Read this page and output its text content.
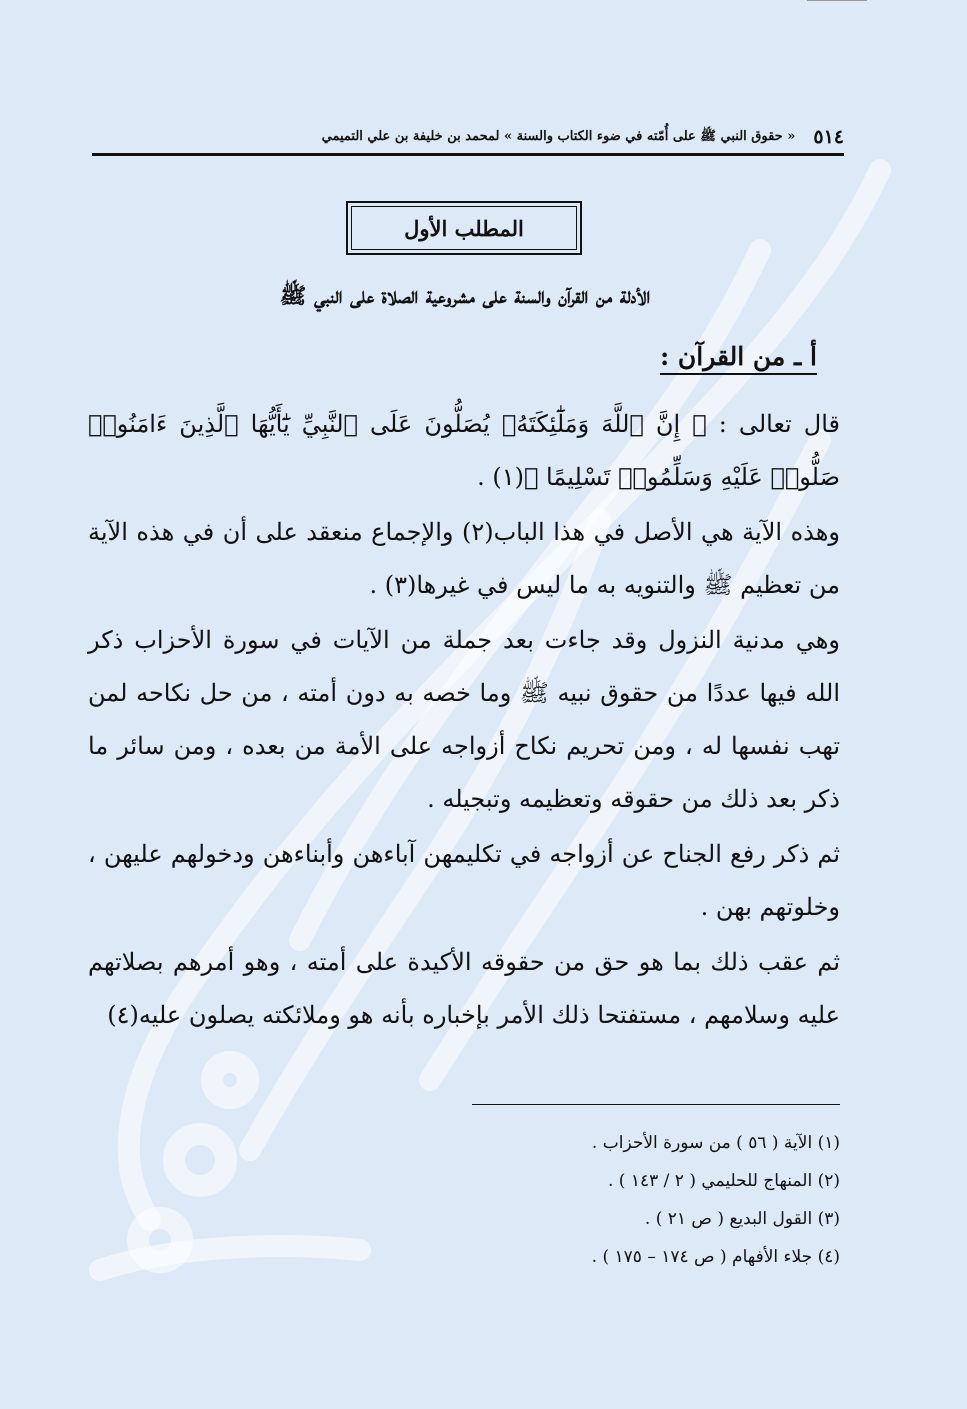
٥١٤
« حقوق النبي ﷺ على أُمّته في ضوء الكتاب والسنة » لمحمد بن خليفة بن علي التميمي
المطلب الأول
الأدلة من القرآن والسنة على مشروعية الصلاة على النبي ﷺ
أ ـ من القرآن :

قال تعالى : ﴿ إِنَّ ٱللَّهَ وَمَلَٰٓئِكَتَهُۥ يُصَلُّونَ عَلَى ٱلنَّبِيِّ يَٰٓأَيُّهَا ٱلَّذِينَ ءَامَنُوا۟ صَلُّوا۟ عَلَيْهِ وَسَلِّمُوا۟ تَسْلِيمًا ﴾(١) .

وهذه الآية هي الأصل في هذا الباب(٢) والإجماع منعقد على أن في هذه الآية من تعظيم ﷺ والتنويه به ما ليس في غيرها(٣) .

وهي مدنية النزول وقد جاءت بعد جملة من الآيات في سورة الأحزاب ذكر الله فيها عددًا من حقوق نبيه ﷺ وما خصه به دون أمته ، من حل نكاحه لمن تهب نفسها له ، ومن تحريم نكاح أزواجه على الأمة من بعده ، ومن سائر ما ذكر بعد ذلك من حقوقه وتعظيمه وتبجيله .

ثم ذكر رفع الجناح عن أزواجه في تكليمهن آباءهن وأبناءهن ودخولهم عليهن ، وخلوتهم بهن .

ثم عقب ذلك بما هو حق من حقوقه الأكيدة على أمته ، وهو أمرهم بصلاتهم عليه وسلامهم ، مستفتحا ذلك الأمر بإخباره بأنه هو وملائكته يصلون عليه(٤)

(١) الآية ( ٥٦ ) من سورة الأحزاب .
(٢) المنهاج للحليمي ( ٢ / ١٤٣ ) .
(٣) القول البديع ( ص ٢١ ) .
(٤) جلاء الأفهام ( ص ١٧٤ – ١٧٥ ) .
